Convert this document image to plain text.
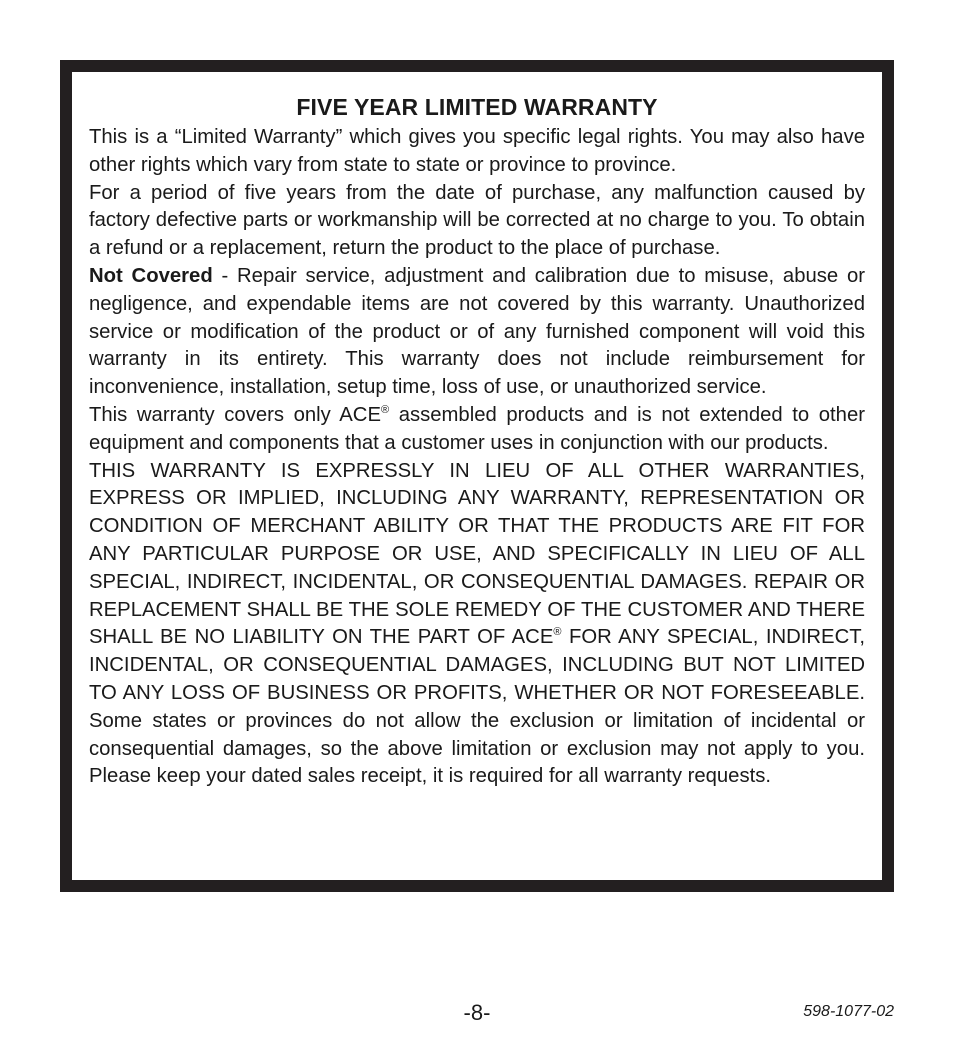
FIVE YEAR LIMITED WARRANTY

This is a “Limited Warranty” which gives you specific legal rights. You may also have other rights which vary from state to state or province to province.

For a period of five years from the date of purchase, any malfunction caused by factory defective parts or workmanship will be corrected at no charge to you. To obtain a refund or a replacement, return the product to the place of purchase.

Not Covered - Repair service, adjustment and calibration due to misuse, abuse or negligence, and expendable items are not covered by this warranty. Unauthorized service or modification of the product or of any furnished component will void this warranty in its entirety. This warranty does not include reimbursement for inconvenience, installation, setup time, loss of use, or unauthorized service.

This warranty covers only ACE® assembled products and is not extended to other equipment and components that a customer uses in conjunction with our products.

THIS WARRANTY IS EXPRESSLY IN LIEU OF ALL OTHER WARRANTIES, EXPRESS OR IMPLIED, INCLUDING ANY WARRANTY, REPRESENTATION OR CONDITION OF MERCHANT ABILITY OR THAT THE PRODUCTS ARE FIT FOR ANY PARTICULAR PURPOSE OR USE, AND SPECIFICALLY IN LIEU OF ALL SPECIAL, INDIRECT, INCIDENTAL, OR CONSEQUENTIAL DAMAGES. REPAIR OR REPLACEMENT SHALL BE THE SOLE REMEDY OF THE CUSTOMER AND THERE SHALL BE NO LIABILITY ON THE PART OF ACE® FOR ANY SPECIAL, INDIRECT, INCIDENTAL, OR CONSEQUENTIAL DAMAGES, INCLUDING BUT NOT LIMITED TO ANY LOSS OF BUSINESS OR PROFITS, WHETHER OR NOT FORESEEABLE. Some states or provinces do not allow the exclusion or limitation of incidental or consequential damages, so the above limitation or exclusion may not apply to you. Please keep your dated sales receipt, it is required for all warranty requests.

-8-	598-1077-02
